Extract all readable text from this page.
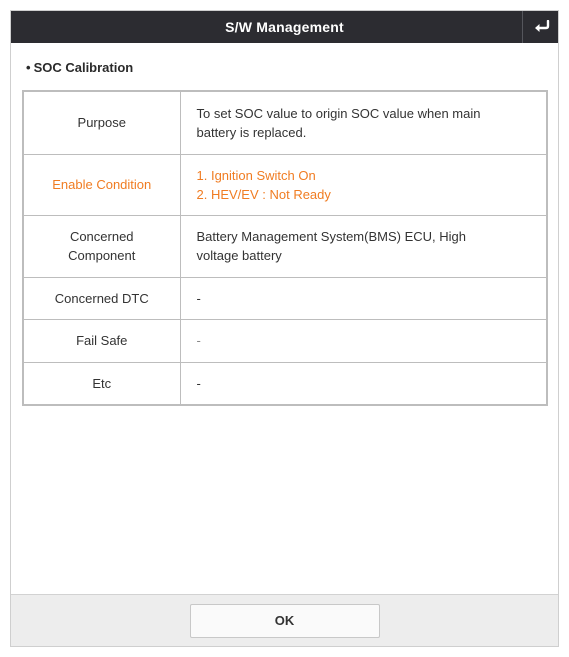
S/W Management
• SOC Calibration
Purpose	To set SOC value to origin SOC value when main
battery is replaced.
Enable Condition	1. Ignition Switch On
2. HEV/EV : Not Ready
Concerned
Component	Battery Management System(BMS) ECU, High
voltage battery
Concerned DTC	-
Fail Safe	-
Etc	-
OK
